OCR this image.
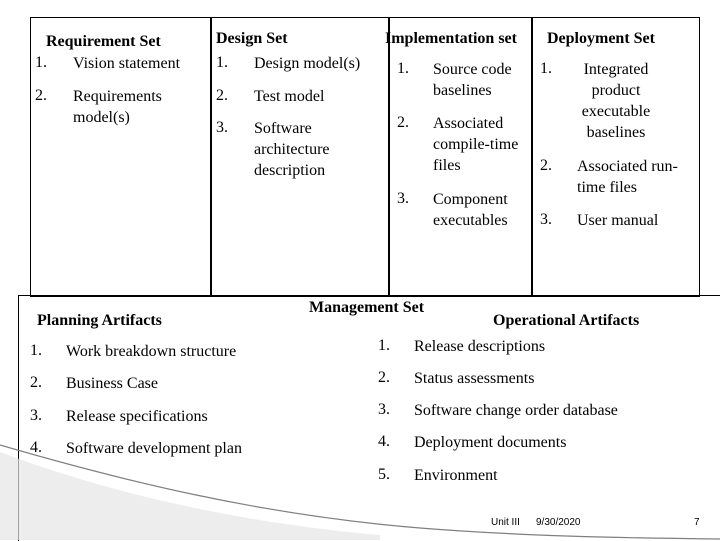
Requirement Set
1. Vision statement
2. Requirements model(s)
Design Set
1. Design model(s)
2. Test model
3. Software architecture description
Implementation set
1. Source code baselines
2. Associated compile-time files
3. Component executables
Deployment Set
1.	Integrated product executable baselines
2. Associated run-time files
3. User manual
Management Set
Planning Artifacts	Operational Artifacts
1. Work breakdown structure
2. Business Case
3. Release specifications
4. Software development plan
1. Release descriptions
2. Status assessments
3. Software change order database
4. Deployment documents
5. Environment
Unit III 9/30/2020	7
